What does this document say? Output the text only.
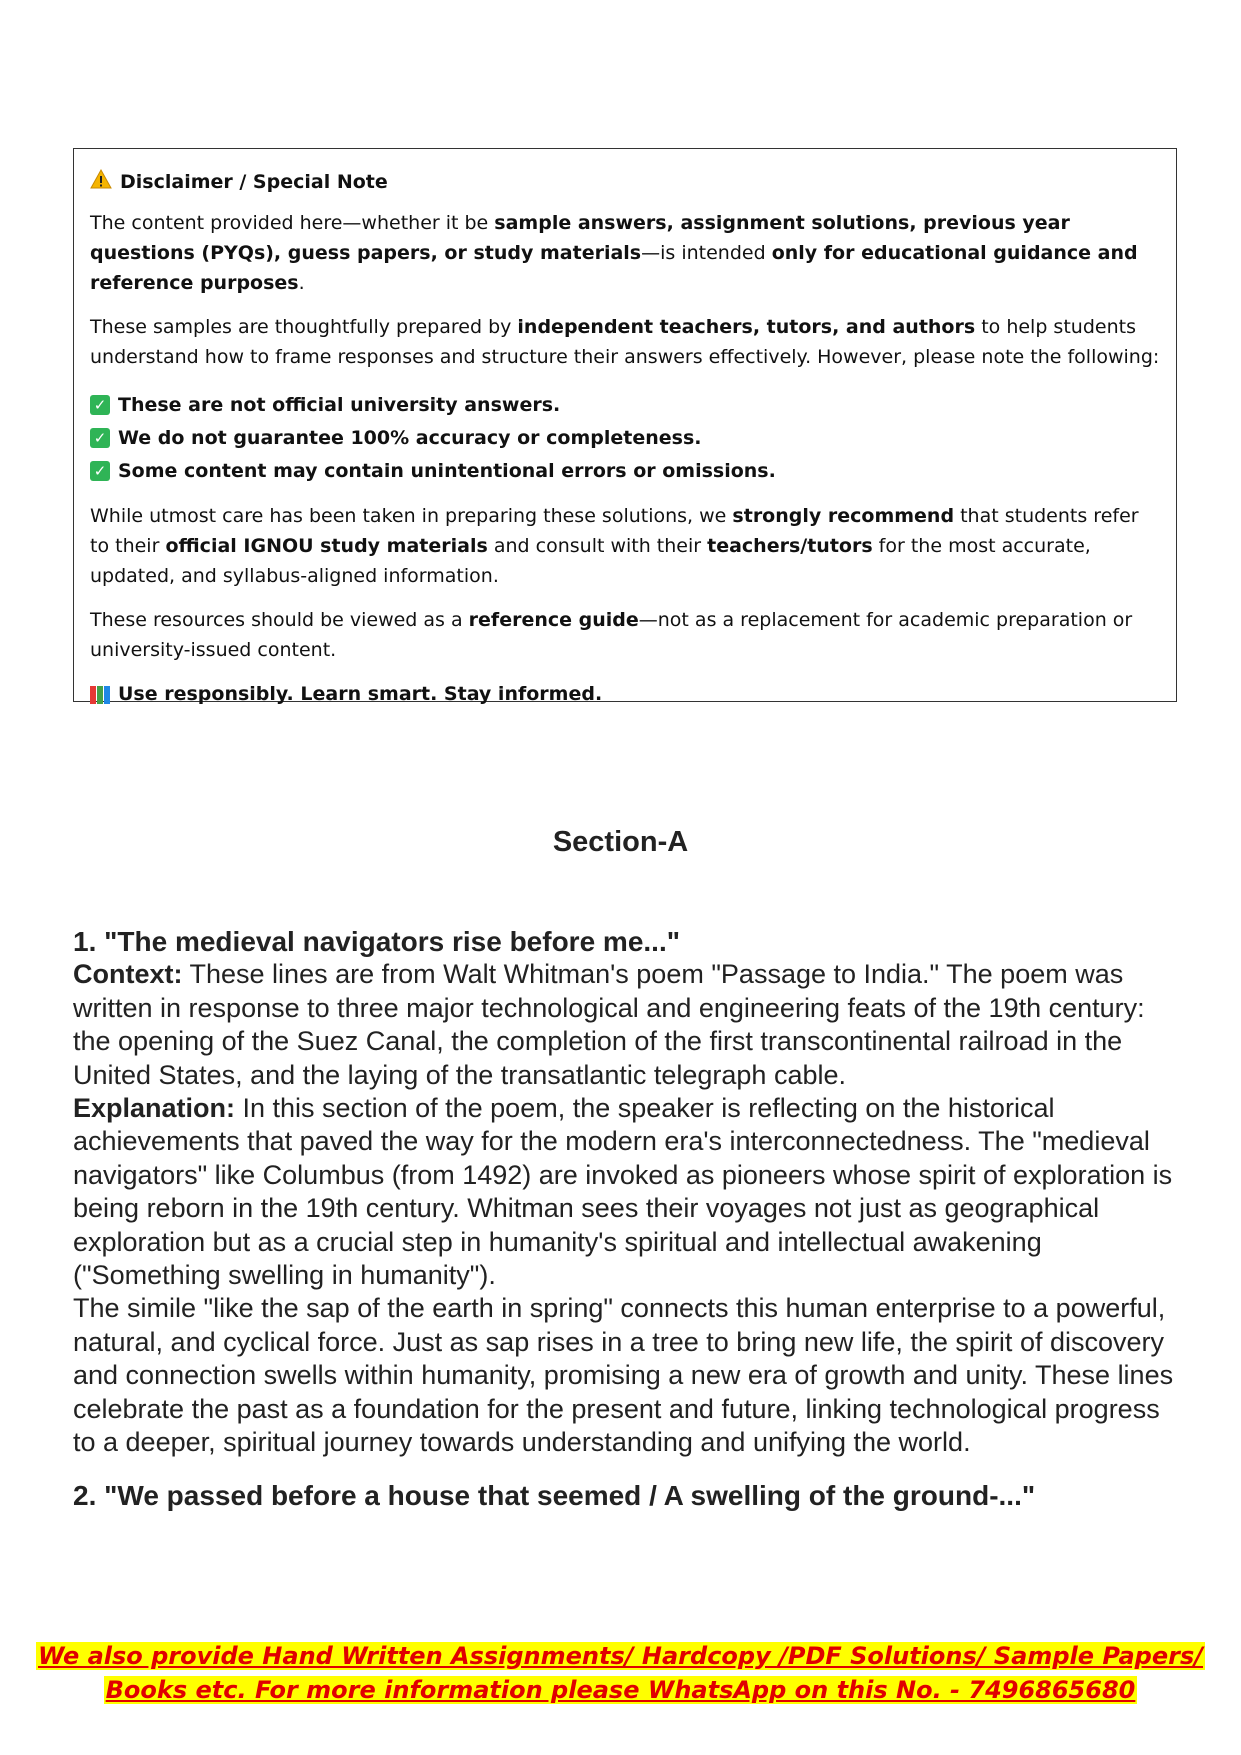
Disclaimer / Special Note

The content provided here—whether it be sample answers, assignment solutions, previous year questions (PYQs), guess papers, or study materials—is intended only for educational guidance and reference purposes.

These samples are thoughtfully prepared by independent teachers, tutors, and authors to help students understand how to frame responses and structure their answers effectively. However, please note the following:

✓ These are not official university answers.
✓ We do not guarantee 100% accuracy or completeness.
✓ Some content may contain unintentional errors or omissions.

While utmost care has been taken in preparing these solutions, we strongly recommend that students refer to their official IGNOU study materials and consult with their teachers/tutors for the most accurate, updated, and syllabus-aligned information.

These resources should be viewed as a reference guide—not as a replacement for academic preparation or university-issued content.

Use responsibly. Learn smart. Stay informed.
Section-A

1. "The medieval navigators rise before me..."

Context: These lines are from Walt Whitman's poem "Passage to India." The poem was written in response to three major technological and engineering feats of the 19th century: the opening of the Suez Canal, the completion of the first transcontinental railroad in the United States, and the laying of the transatlantic telegraph cable.

Explanation: In this section of the poem, the speaker is reflecting on the historical achievements that paved the way for the modern era's interconnectedness. The "medieval navigators" like Columbus (from 1492) are invoked as pioneers whose spirit of exploration is being reborn in the 19th century. Whitman sees their voyages not just as geographical exploration but as a crucial step in humanity's spiritual and intellectual awakening ("Something swelling in humanity").

The simile "like the sap of the earth in spring" connects this human enterprise to a powerful, natural, and cyclical force. Just as sap rises in a tree to bring new life, the spirit of discovery and connection swells within humanity, promising a new era of growth and unity. These lines celebrate the past as a foundation for the present and future, linking technological progress to a deeper, spiritual journey towards understanding and unifying the world.

2. "We passed before a house that seemed / A swelling of the ground-..."

We also provide Hand Written Assignments/ Hardcopy /PDF Solutions/ Sample Papers/
Books etc. For more information please WhatsApp on this No. - 7496865680
